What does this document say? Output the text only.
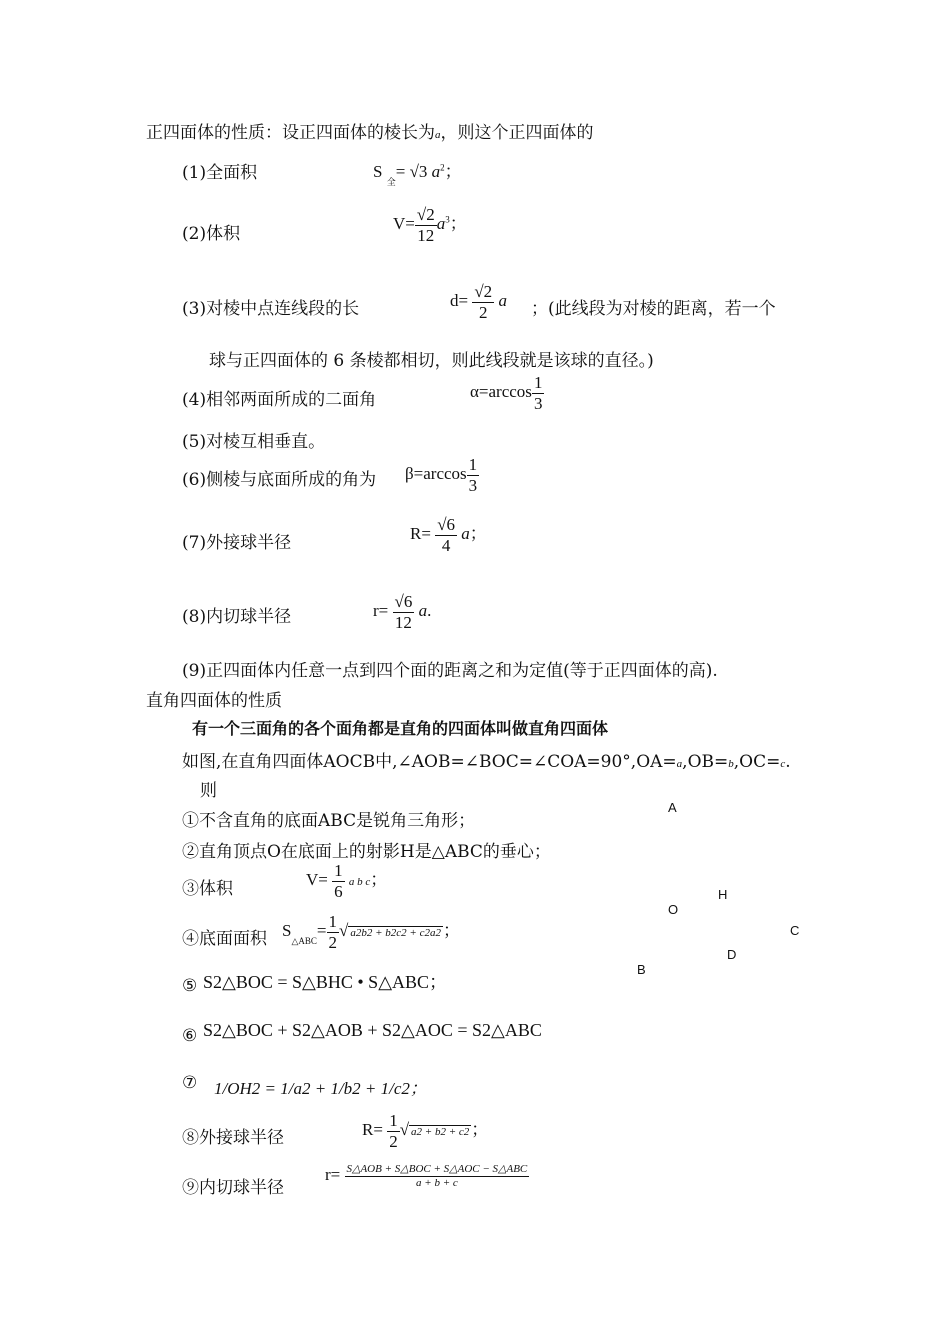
正四面体的性质：设正四面体的棱长为a，则这个正四面体的
(1)全面积	S $_全$= √3 $a^2$；
(2)体积
$V= \frac{√2}{12} a^3$；
(3)对棱中点连线段的长	$d= \frac{√2}{2}$ a ；(此线段为对棱的距离，若一个
球与正四面体的 6 条棱都相切，则此线段就是该球的直径。)
(4)相邻两面所成的二面角	$\alpha=\arccos \frac{1}{3}$
(5)对棱互相垂直。
(6)侧棱与底面所成的角为 $\beta=\arccos \frac{1}{3}$
(7)外接球半径	$R= \frac{√6}{4}$ a；
(8)内切球半径	$r= \frac{√6}{12} a$.
(9)正四面体内任意一点到四个面的距离之和为定值(等于正四面体的高).
直角四面体的性质
有一个三面角的各个面角都是直角的四面体叫做直角四面体
如图,在直角四面体AOCB中,∠AOB=∠BOC=∠COA=90°,OA=a,OB=b,OC=c.
则
①不含直角的底面ABC是锐角三角形；
②直角顶点O在底面上的射影H是△ABC的垂心；
③体积	$V= \frac{1}{6}$ a b c；
④底面面积 $S_{\triangle ABC}= \frac{1}{2}$ √ a2b2 + b2c2 + c2a2 ；
⑤ S2△BOC = S△BHC • S△ABC；
⑥ S2△BOC + S2△AOB + S2△AOC = S2△ABC
⑦ 1/OH2 = 1/a2 + 1/b2 + 1/c2；
⑧外接球半径	$R= \frac{1}{2}$ √ a2 + b2 + c2 ；
⑨内切球半径
$r= \frac{\text{S△AOB + S△BOC + S△AOC − S△ABC}}{a + b + c}$
A
H
O
C
D
B
